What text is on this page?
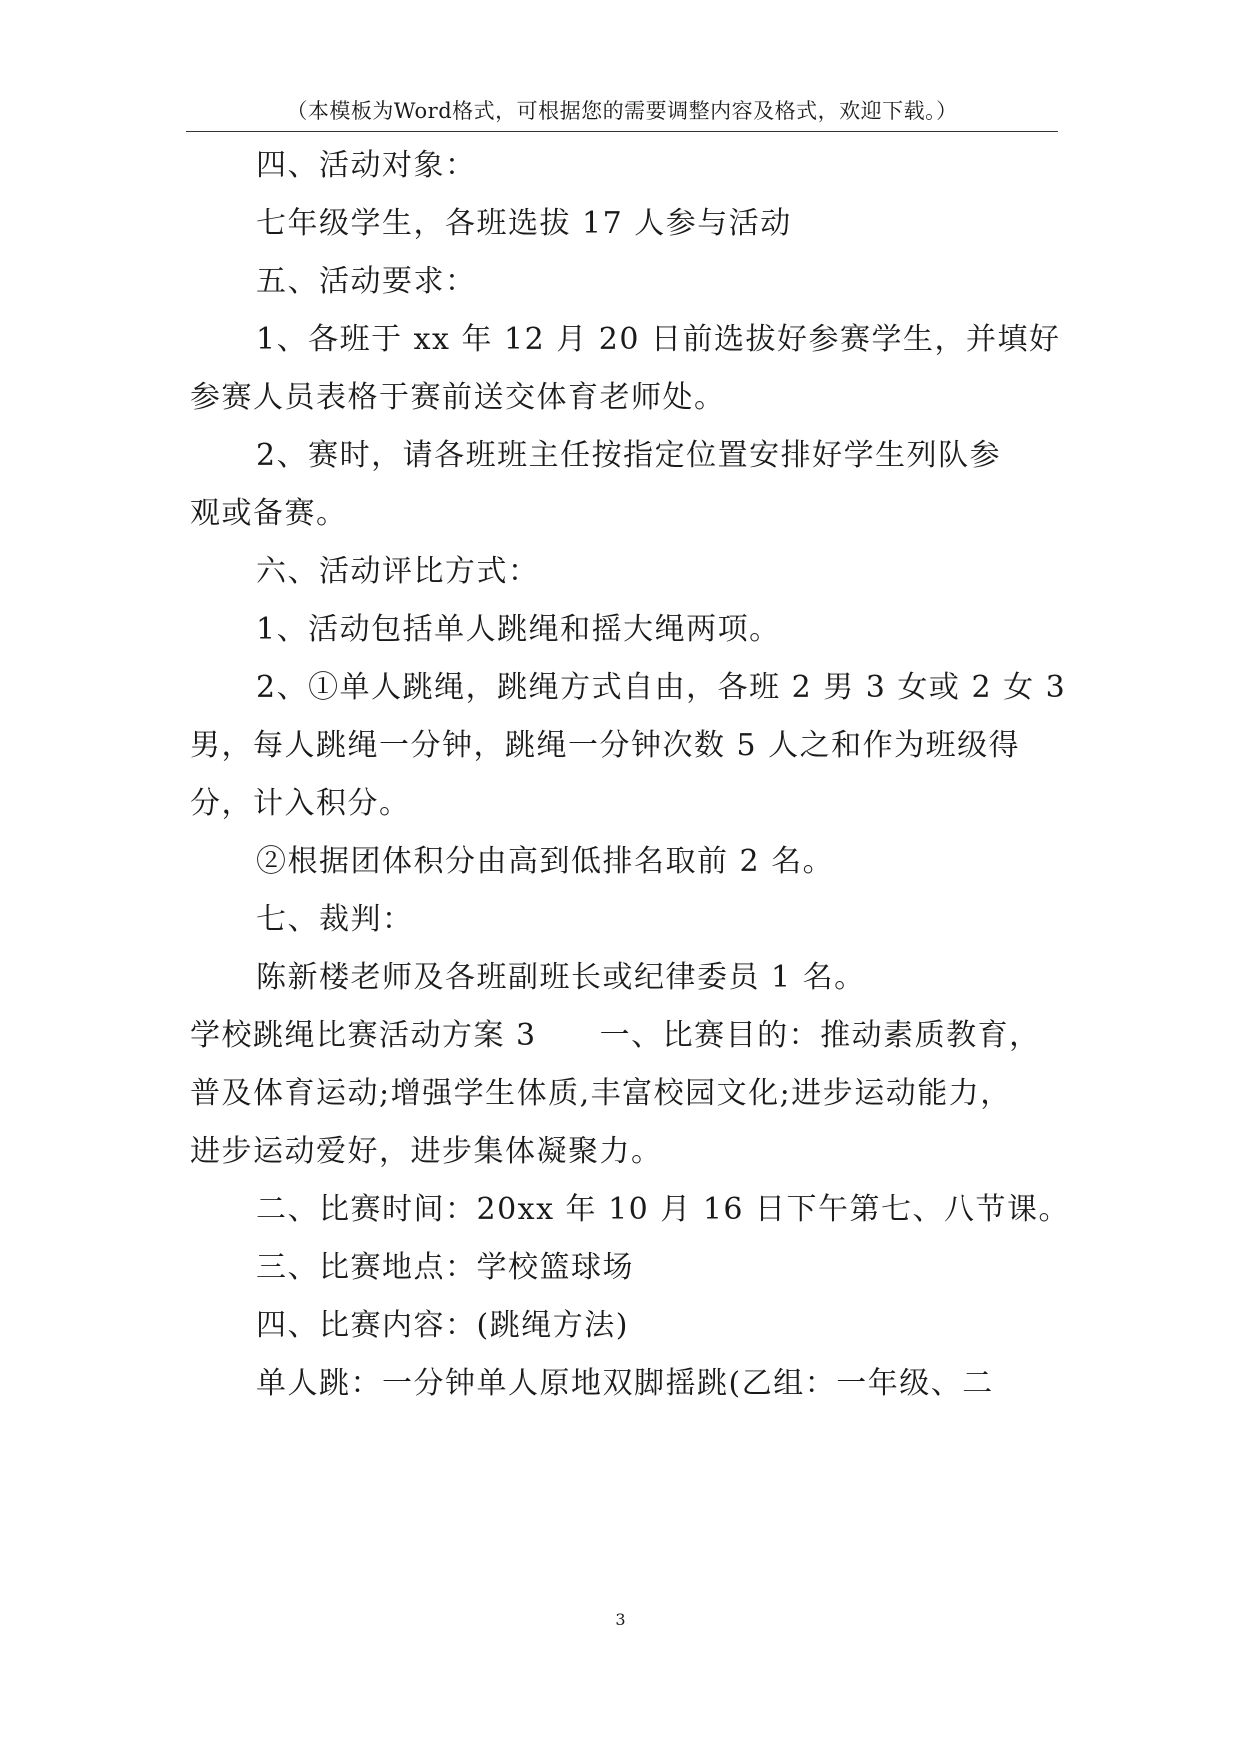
（本模板为Word格式，可根据您的需要调整内容及格式，欢迎下载。）
四、活动对象：
七年级学生，各班选拔 17 人参与活动
五、活动要求：
1、各班于 xx 年 12 月 20 日前选拔好参赛学生，并填好
参赛人员表格于赛前送交体育老师处。
2、赛时，请各班班主任按指定位置安排好学生列队参
观或备赛。
六、活动评比方式：
1、活动包括单人跳绳和摇大绳两项。
2、①单人跳绳，跳绳方式自由，各班 2 男 3 女或 2 女 3
男，每人跳绳一分钟，跳绳一分钟次数 5 人之和作为班级得
分，计入积分。
②根据团体积分由高到低排名取前 2 名。
七、裁判：
陈新楼老师及各班副班长或纪律委员 1 名。
学校跳绳比赛活动方案 3　　一、比赛目的：推动素质教育，
普及体育运动;增强学生体质,丰富校园文化;进步运动能力，
进步运动爱好，进步集体凝聚力。
二、比赛时间：20xx 年 10 月 16 日下午第七、八节课。
三、比赛地点：学校篮球场
四、比赛内容：(跳绳方法)
单人跳：一分钟单人原地双脚摇跳(乙组：一年级、二
3
